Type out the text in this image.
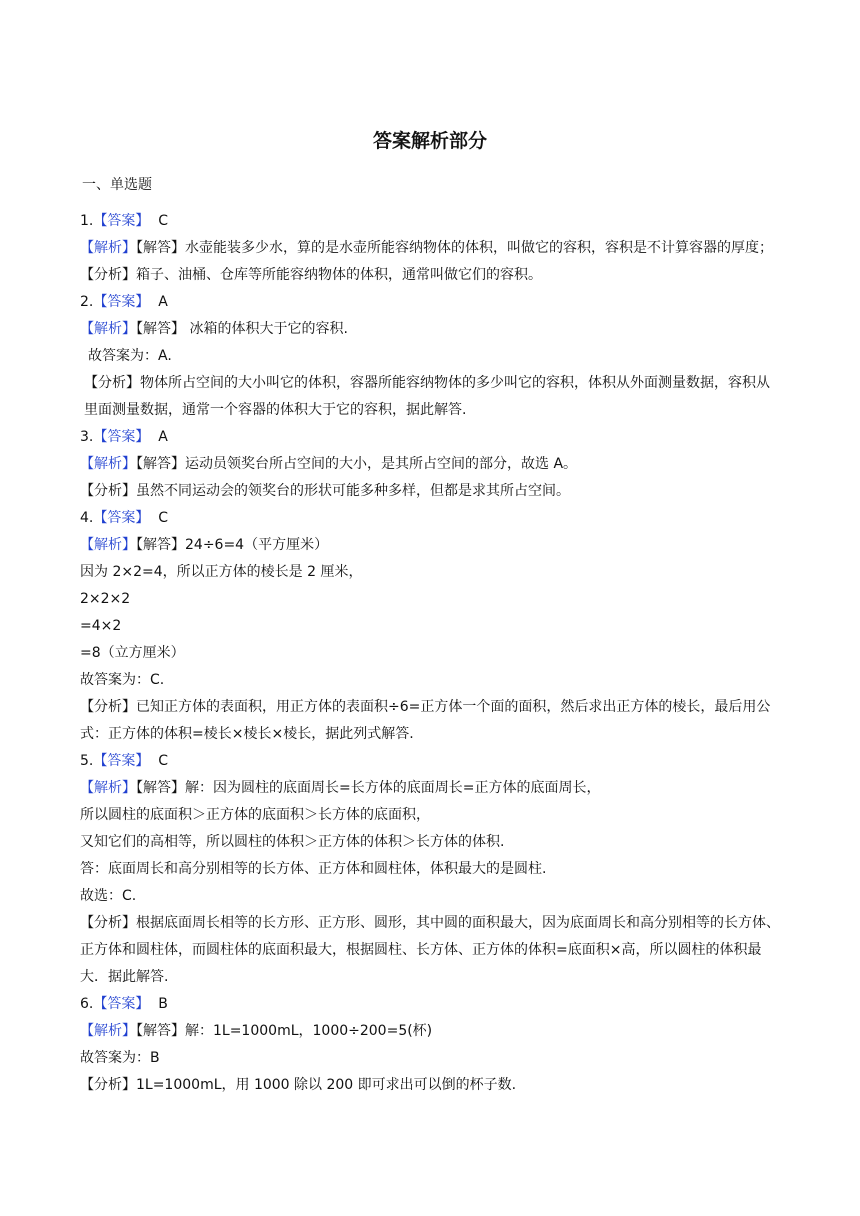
答案解析部分
一、单选题
1.【答案】 C
【解析】【解答】水壶能装多少水，算的是水壶所能容纳物体的体积，叫做它的容积，容积是不计算容器的厚度；
【分析】箱子、油桶、仓库等所能容纳物体的体积，通常叫做它们的容积。
2.【答案】 A
【解析】【解答】 冰箱的体积大于它的容积.
故答案为：A.
【分析】物体所占空间的大小叫它的体积，容器所能容纳物体的多少叫它的容积，体积从外面测量数据，容积从里面测量数据，通常一个容器的体积大于它的容积，据此解答.
3.【答案】 A
【解析】【解答】运动员领奖台所占空间的大小，是其所占空间的部分，故选 A。
【分析】虽然不同运动会的领奖台的形状可能多种多样，但都是求其所占空间。
4.【答案】 C
【解析】【解答】24÷6=4（平方厘米）
因为 2×2=4，所以正方体的棱长是 2 厘米，
2×2×2
=4×2
=8（立方厘米）
故答案为：C.
【分析】已知正方体的表面积，用正方体的表面积÷6=正方体一个面的面积，然后求出正方体的棱长，最后用公式：正方体的体积=棱长×棱长×棱长，据此列式解答.
5.【答案】 C
【解析】【解答】解：因为圆柱的底面周长=长方体的底面周长=正方体的底面周长，
所以圆柱的底面积＞正方体的底面积＞长方体的底面积，
又知它们的高相等，所以圆柱的体积＞正方体的体积＞长方体的体积.
答：底面周长和高分别相等的长方体、正方体和圆柱体，体积最大的是圆柱.
故选：C.
【分析】根据底面周长相等的长方形、正方形、圆形，其中圆的面积最大，因为底面周长和高分别相等的长方体、正方体和圆柱体，而圆柱体的底面积最大，根据圆柱、长方体、正方体的体积=底面积×高，所以圆柱的体积最大．据此解答.
6.【答案】 B
【解析】【解答】解：1L=1000mL，1000÷200=5(杯)
故答案为：B
【分析】1L=1000mL，用 1000 除以 200 即可求出可以倒的杯子数.
